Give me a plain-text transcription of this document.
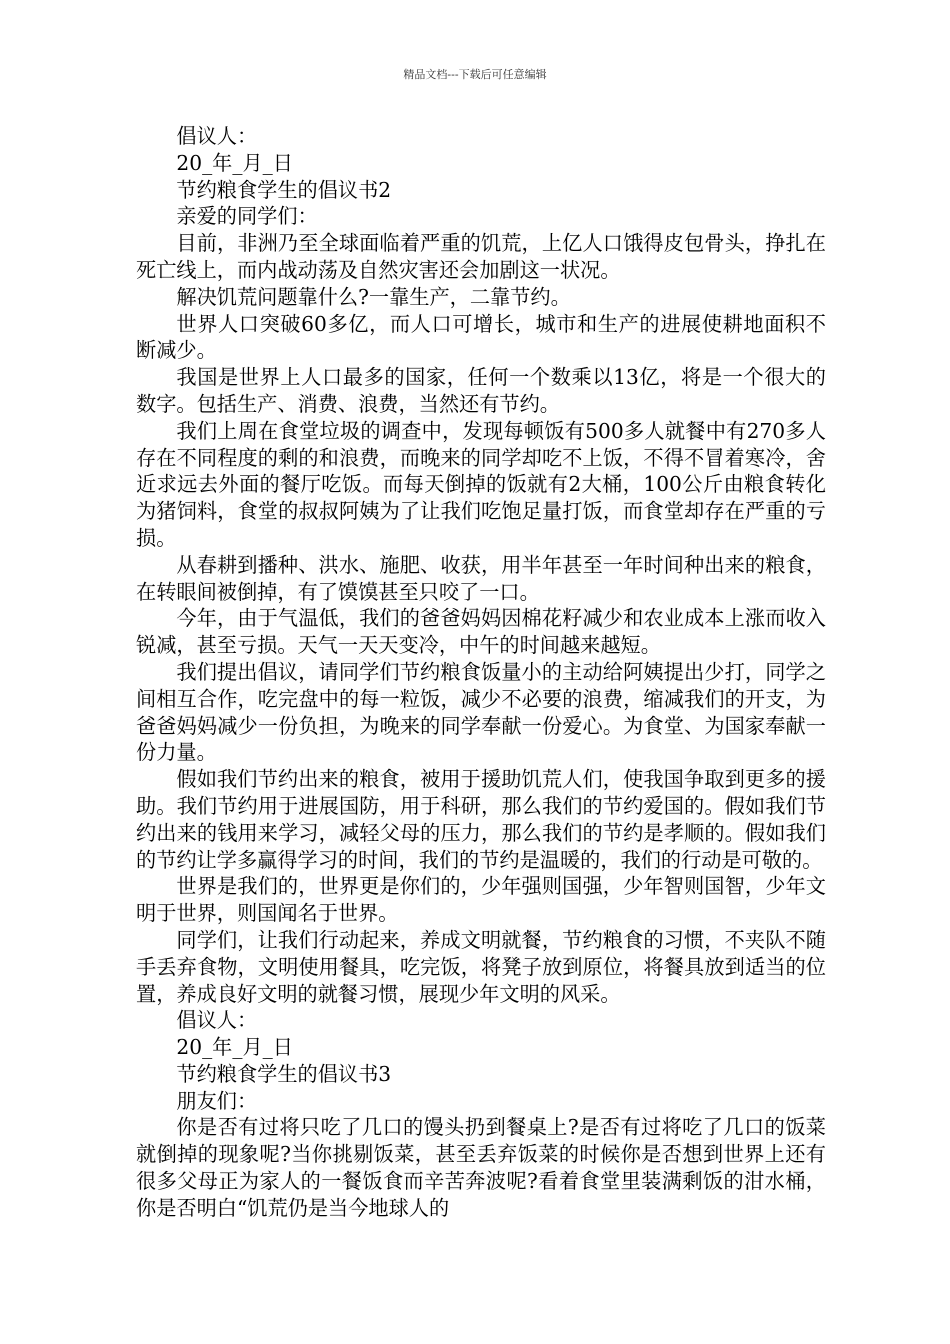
精品文档---下载后可任意编辑

倡议人：

20_年_月_日

节约粮食学生的倡议书2

亲爱的同学们：

目前，非洲乃至全球面临着严重的饥荒，上亿人口饿得皮包骨头，挣扎在死亡线上，而内战动荡及自然灾害还会加剧这一状况。

解决饥荒问题靠什么?一靠生产，二靠节约。

世界人口突破60多亿，而人口可增长，城市和生产的进展使耕地面积不断减少。

我国是世界上人口最多的国家，任何一个数乘以13亿，将是一个很大的数字。包括生产、消费、浪费，当然还有节约。

我们上周在食堂垃圾的调查中，发现每顿饭有500多人就餐中有270多人存在不同程度的剩的和浪费，而晚来的同学却吃不上饭，不得不冒着寒冷，舍近求远去外面的餐厅吃饭。而每天倒掉的饭就有2大桶，100公斤由粮食转化为猪饲料，食堂的叔叔阿姨为了让我们吃饱足量打饭，而食堂却存在严重的亏损。

从春耕到播种、洪水、施肥、收获，用半年甚至一年时间种出来的粮食，在转眼间被倒掉，有了馍馍甚至只咬了一口。

今年，由于气温低，我们的爸爸妈妈因棉花籽减少和农业成本上涨而收入锐减，甚至亏损。天气一天天变冷，中午的时间越来越短。

我们提出倡议，请同学们节约粮食饭量小的主动给阿姨提出少打，同学之间相互合作，吃完盘中的每一粒饭，减少不必要的浪费，缩减我们的开支，为爸爸妈妈减少一份负担，为晚来的同学奉献一份爱心。为食堂、为国家奉献一份力量。

假如我们节约出来的粮食，被用于援助饥荒人们，使我国争取到更多的援助。我们节约用于进展国防，用于科研，那么我们的节约爱国的。假如我们节约出来的钱用来学习，减轻父母的压力，那么我们的节约是孝顺的。假如我们的节约让学多赢得学习的时间，我们的节约是温暖的，我们的行动是可敬的。

世界是我们的，世界更是你们的，少年强则国强，少年智则国智，少年文明于世界，则国闻名于世界。

同学们，让我们行动起来，养成文明就餐，节约粮食的习惯，不夹队不随手丢弃食物，文明使用餐具，吃完饭，将凳子放到原位，将餐具放到适当的位置，养成良好文明的就餐习惯，展现少年文明的风采。

倡议人：

20_年_月_日

节约粮食学生的倡议书3

朋友们：

你是否有过将只吃了几口的馒头扔到餐桌上?是否有过将吃了几口的饭菜就倒掉的现象呢?当你挑剔饭菜，甚至丢弃饭菜的时候你是否想到世界上还有很多父母正为家人的一餐饭食而辛苦奔波呢?看着食堂里装满剩饭的泔水桶，你是否明白“饥荒仍是当今地球人的
